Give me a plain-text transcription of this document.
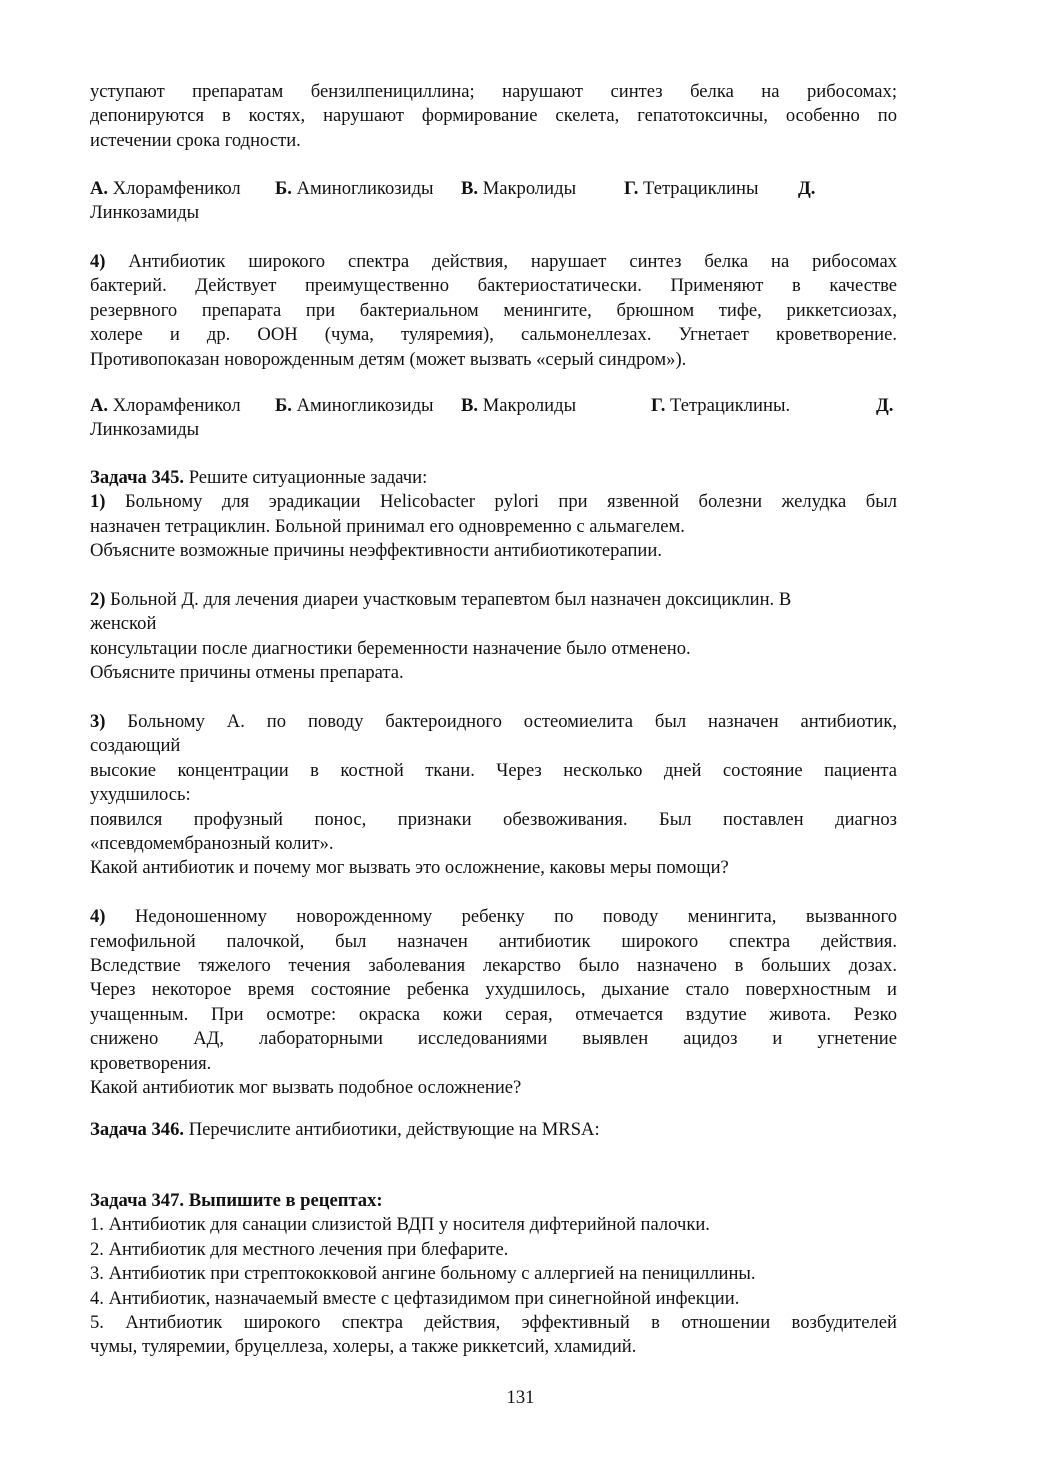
уступают препаратам бензилпенициллина; нарушают синтез белка на рибосомах;
депонируются в костях, нарушают формирование скелета, гепатотоксичны, особенно по
истечении срока годности.
А. Хлорамфеникол Б. Аминогликозиды В. Макролиды	Г. Тетрациклины Д.
Линкозамиды
4) Антибиотик широкого спектра действия, нарушает синтез белка на рибосомах
бактерий. Действует преимущественно бактериостатически. Применяют в качестве
резервного препарата при бактериальном менингите, брюшном тифе, риккетсиозах,
холере и др. ООН (чума, туляремия), сальмонеллезах. Угнетает кроветворение.
Противопоказан новорожденным детям (может вызвать «серый синдром»).
А. Хлорамфеникол Б. Аминогликозиды В. Макролиды	Г. Тетрациклины.	Д.
Линкозамиды
Задача 345. Решите ситуационные задачи:
1) Больному для эрадикации Helicobacter pylori при язвенной болезни желудка был
назначен тетрациклин. Больной принимал его одновременно с альмагелем.
Объясните возможные причины неэффективности антибиотикотерапии.
2) Больной Д. для лечения диареи участковым терапевтом был назначен доксициклин. В
женской
консультации после диагностики беременности назначение было отменено.
Объясните причины отмены препарата.
3) Больному А. по поводу бактероидного остеомиелита был назначен антибиотик,
создающий
высокие концентрации в костной ткани. Через несколько дней состояние пациента
ухудшилось:
появился профузный понос, признаки обезвоживания. Был поставлен диагноз
«псевдомембранозный колит».
Какой антибиотик и почему мог вызвать это осложнение, каковы меры помощи?
4) Недоношенному новорожденному ребенку по поводу менингита, вызванного
гемофильной палочкой, был назначен антибиотик широкого спектра действия.
Вследствие тяжелого течения заболевания лекарство было назначено в больших дозах.
Через некоторое время состояние ребенка ухудшилось, дыхание стало поверхностным и
учащенным. При осмотре: окраска кожи серая, отмечается вздутие живота. Резко
снижено АД, лабораторными исследованиями выявлен ацидоз и угнетение
кроветворения.
Какой антибиотик мог вызвать подобное осложнение?
Задача 346. Перечислите антибиотики, действующие на MRSA:
Задача 347. Выпишите в рецептах:
1. Антибиотик для санации слизистой ВДП у носителя дифтерийной палочки.
2. Антибиотик для местного лечения при блефарите.
3. Антибиотик при стрептококковой ангине больному с аллергией на пенициллины.
4. Антибиотик, назначаемый вместе с цефтазидимом при синегнойной инфекции.
5. Антибиотик широкого спектра действия, эффективный в отношении возбудителей
чумы, туляремии, бруцеллеза, холеры, а также риккетсий, хламидий.
131
